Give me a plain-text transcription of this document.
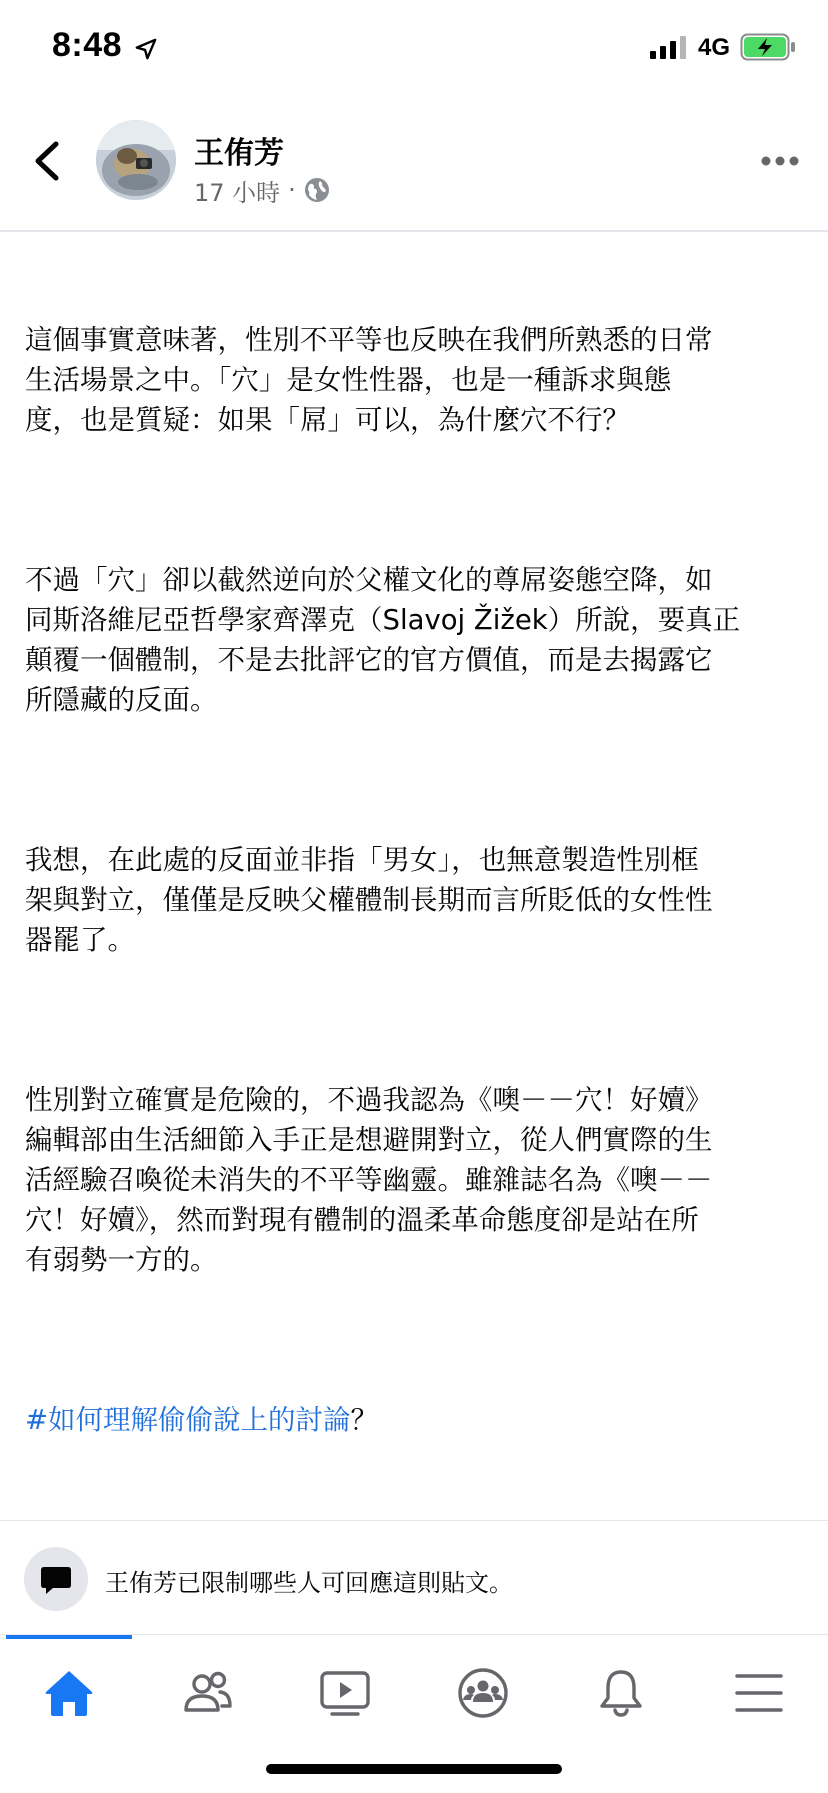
8:48	4G
王侑芳
17 小時 ·

這個事實意味著，性別不平等也反映在我們所熟悉的日常
生活場景之中。「穴」是女性性器，也是一種訴求與態
度，也是質疑：如果「屌」可以，為什麼穴不行？

不過「穴」卻以截然逆向於父權文化的尊屌姿態空降，如
同斯洛維尼亞哲學家齊澤克（Slavoj Žižek）所說，要真正
顛覆一個體制，不是去批評它的官方價值，而是去揭露它
所隱藏的反面。

我想，在此處的反面並非指「男女」，也無意製造性別框
架與對立，僅僅是反映父權體制長期而言所貶低的女性性
器罷了。

性別對立確實是危險的，不過我認為《噢－－穴！好嬻》
編輯部由生活細節入手正是想避開對立，從人們實際的生
活經驗召喚從未消失的不平等幽靈。雖雜誌名為《噢－－
穴！好嬻》，然而對現有體制的溫柔革命態度卻是站在所
有弱勢一方的。

#如何理解偷偷說上的討論？

王侑芳已限制哪些人可回應這則貼文。
